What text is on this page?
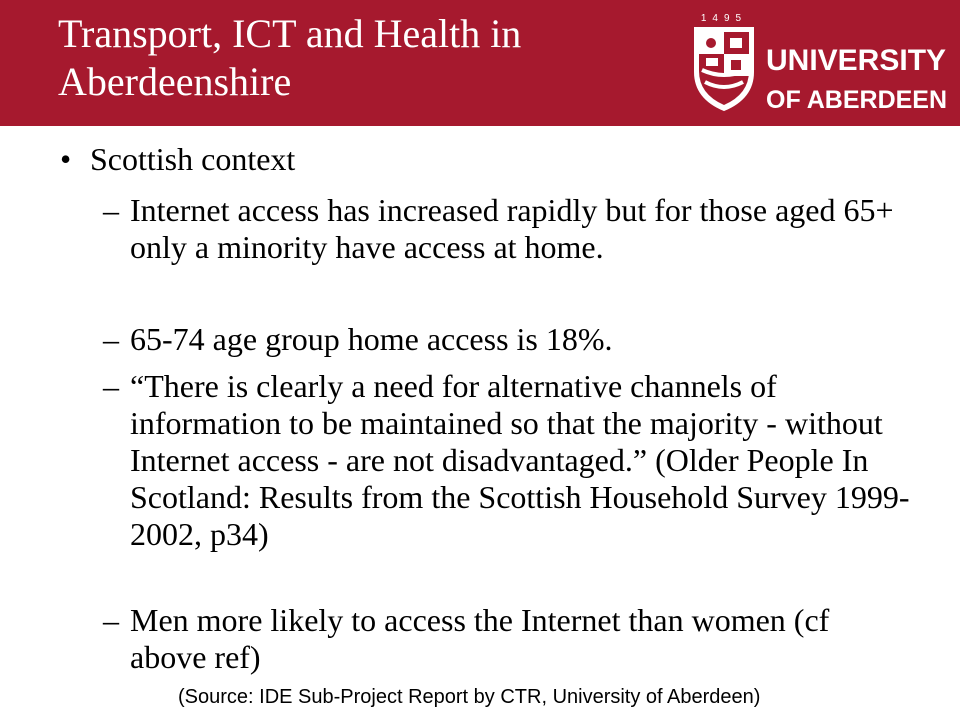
Transport, ICT and Health in Aberdeenshire
1495
UNIVERSITY
OF ABERDEEN
• Scottish context
– Internet access has increased rapidly but for those aged 65+ only a minority have access at home.
– 65-74 age group home access is 18%.
– “There is clearly a need for alternative channels of information to be maintained so that the majority - without Internet access - are not disadvantaged.” (Older People In Scotland: Results from the Scottish Household Survey 1999-2002, p34)
– Men more likely to access the Internet than women (cf above ref)
(Source: IDE Sub-Project Report by CTR, University of Aberdeen)
